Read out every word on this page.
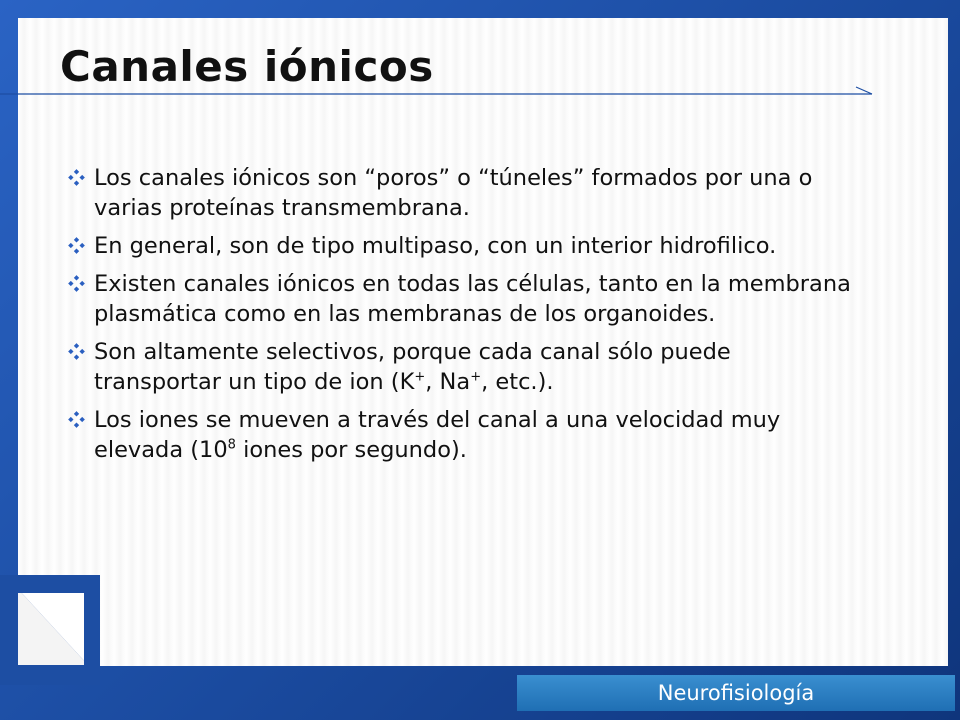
Canales iónicos
Los canales iónicos son “poros” o “túneles” formados por una o varias proteínas transmembrana.
En general, son de tipo multipaso, con un interior hidrofilico.
Existen canales iónicos en todas las células, tanto en la membrana plasmática como en las membranas de los organoides.
Son altamente selectivos, porque cada canal sólo puede transportar un tipo de ion (K+, Na+, etc.).
Los iones se mueven a través del canal a una velocidad muy elevada ($10^8$ iones por segundo).
Neurofisiología
